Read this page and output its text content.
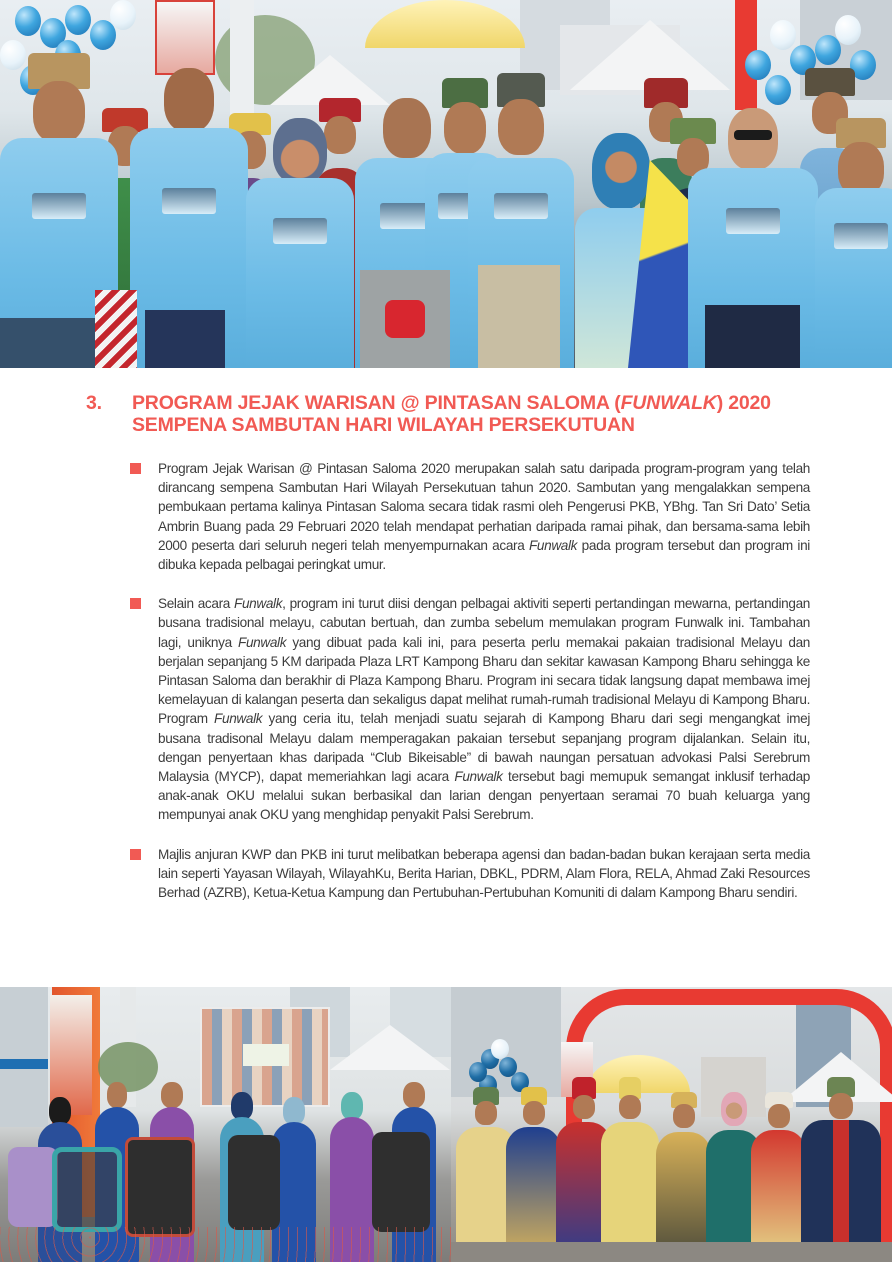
3. PROGRAM JEJAK WARISAN @ PINTASAN SALOMA (FUNWALK) 2020
SEMPENA SAMBUTAN HARI WILAYAH PERSEKUTUAN

Program Jejak Warisan @ Pintasan Saloma 2020 merupakan salah satu daripada program-program yang telah dirancang sempena Sambutan Hari Wilayah Persekutuan tahun 2020. Sambutan yang mengalakkan sempena pembukaan pertama kalinya Pintasan Saloma secara tidak rasmi oleh Pengerusi PKB, YBhg. Tan Sri Dato’ Setia Ambrin Buang pada 29 Februari 2020 telah mendapat perhatian daripada ramai pihak, dan bersama-sama lebih 2000 peserta dari seluruh negeri telah menyempurnakan acara Funwalk pada program tersebut dan program ini dibuka kepada pelbagai peringkat umur.

Selain acara Funwalk, program ini turut diisi dengan pelbagai aktiviti seperti pertandingan mewarna, pertandingan busana tradisional melayu, cabutan bertuah, dan zumba sebelum memulakan program Funwalk ini. Tambahan lagi, uniknya Funwalk yang dibuat pada kali ini, para peserta perlu memakai pakaian tradisional Melayu dan berjalan sepanjang 5 KM daripada Plaza LRT Kampong Bharu dan sekitar kawasan Kampong Bharu sehingga ke Pintasan Saloma dan berakhir di Plaza Kampong Bharu. Program ini secara tidak langsung dapat membawa imej kemelayuan di kalangan peserta dan sekaligus dapat melihat rumah-rumah tradisional Melayu di Kampong Bharu. Program Funwalk yang ceria itu, telah menjadi suatu sejarah di Kampong Bharu dari segi mengangkat imej busana tradisonal Melayu dalam memperagakan pakaian tersebut sepanjang program dijalankan. Selain itu, dengan penyertaan khas daripada “Club Bikeisable” di bawah naungan persatuan advokasi Palsi Serebrum Malaysia (MYCP), dapat memeriahkan lagi acara Funwalk tersebut bagi memupuk semangat inklusif terhadap anak-anak OKU melalui sukan berbasikal dan larian dengan penyertaan seramai 70 buah keluarga yang mempunyai anak OKU yang menghidap penyakit Palsi Serebrum.

Majlis anjuran KWP dan PKB ini turut melibatkan beberapa agensi dan badan-badan bukan kerajaan serta media lain seperti Yayasan Wilayah, WilayahKu, Berita Harian, DBKL, PDRM, Alam Flora, RELA, Ahmad Zaki Resources Berhad (AZRB), Ketua-Ketua Kampung dan Pertubuhan-Pertubuhan Komuniti di dalam Kampong Bharu sendiri.
